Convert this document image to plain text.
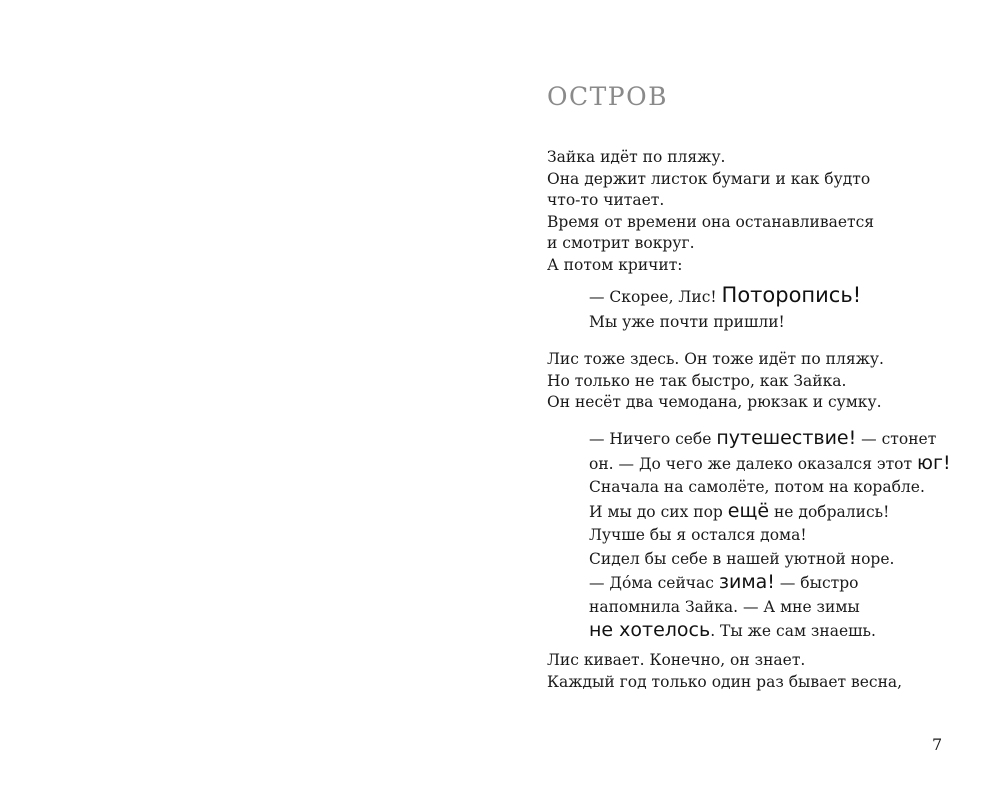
ОСТРОВ
Зайка идёт по пляжу.
Она держит листок бумаги и как будто
что-то читает.
Время от времени она останавливается
и смотрит вокруг.
А потом кричит:
— Скорее, Лис! Поторопись!
Мы уже почти пришли!
Лис тоже здесь. Он тоже идёт по пляжу.
Но только не так быстро, как Зайка.
Он несёт два чемодана, рюкзак и сумку.
— Ничего себе путешествие! — стонет
он. — До чего же далеко оказался этот юг!
Сначала на самолёте, потом на корабле.
И мы до сих пор ещё не добрались!
Лучше бы я остался дома!
Сидел бы себе в нашей уютной норе.
— Дóма сейчас зима! — быстро
напомнила Зайка. — А мне зимы
не хотелось. Ты же сам знаешь.
Лис кивает. Конечно, он знает.
Каждый год только один раз бывает весна,
7
